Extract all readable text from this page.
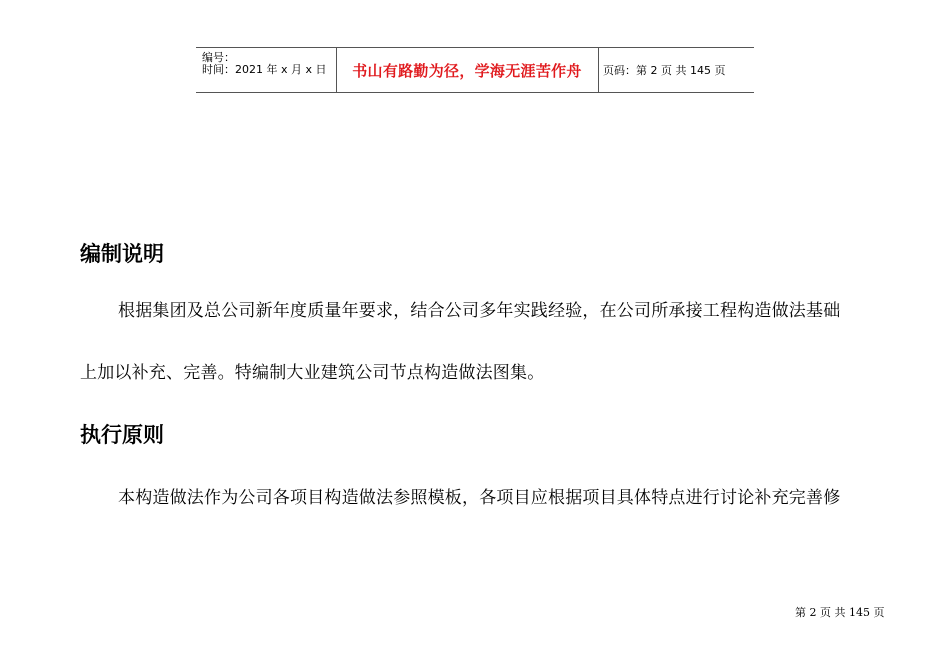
编号：
时间：2021 年 x 月 x 日 书山有路勤为径，学海无涯苦作舟 页码：第 2 页 共 145 页
编制说明
根据集团及总公司新年度质量年要求，结合公司多年实践经验，在公司所承接工程构造做法基础
上加以补充、完善。特编制大业建筑公司节点构造做法图集。
执行原则
本构造做法作为公司各项目构造做法参照模板，各项目应根据项目具体特点进行讨论补充完善修
第 2 页 共 145 页
